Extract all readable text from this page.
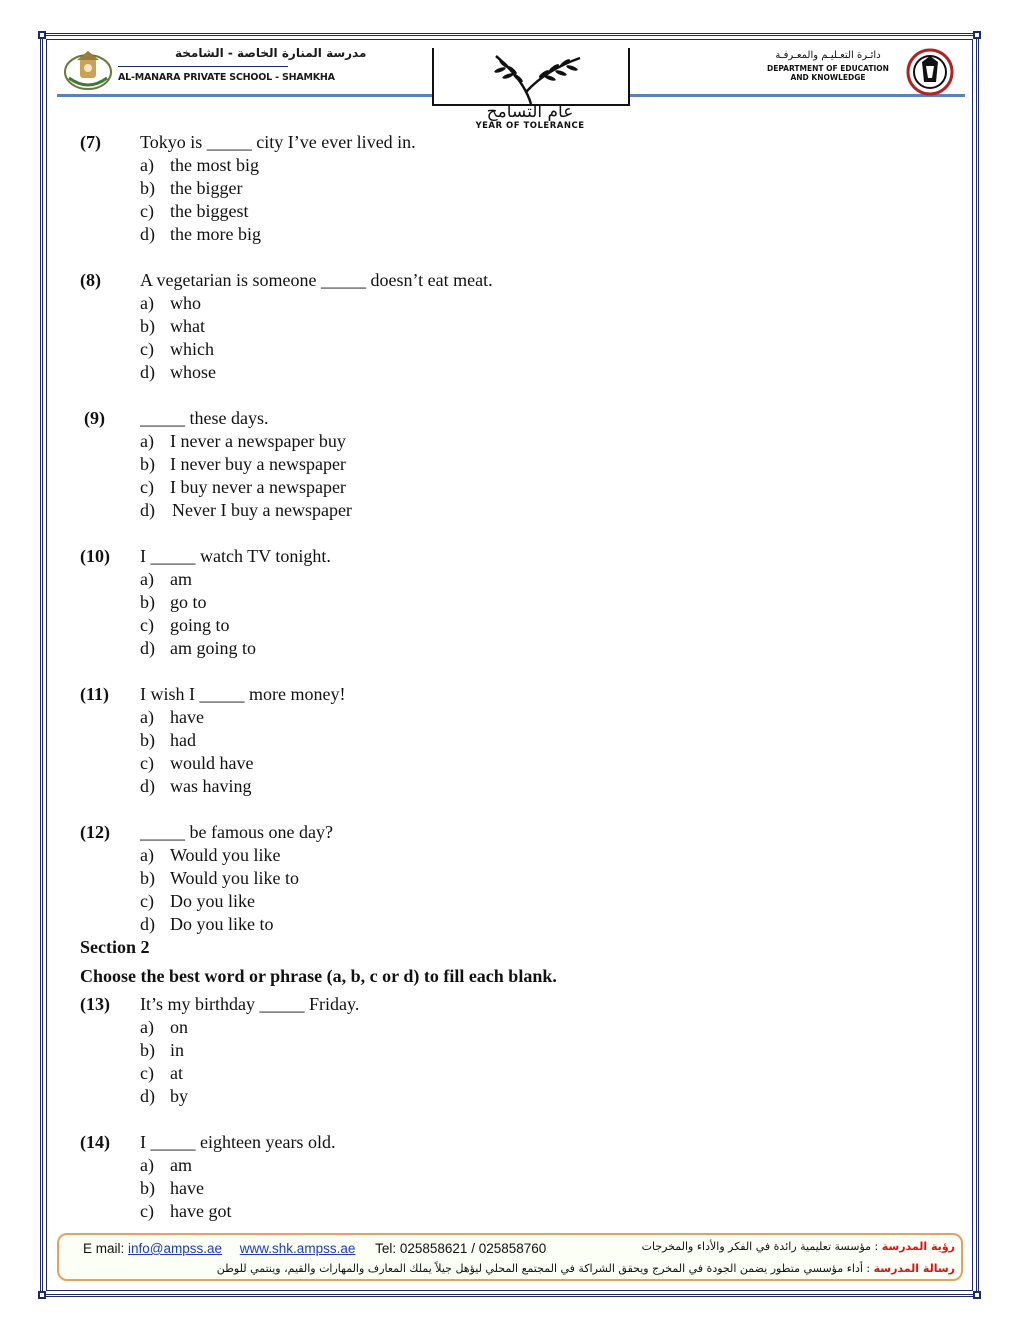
مدرسة المنارة الخاصة - الشامخة
AL-MANARA PRIVATE SCHOOL - SHAMKHA
عام التسامح
YEAR OF TOLERANCE
دائـرة التعـليـم والمعـرفـة
DEPARTMENT OF EDUCATION
AND KNOWLEDGE
(7) Tokyo is _____ city I’ve ever lived in.
a) the most big
b) the bigger
c) the biggest
d) the more big
(8) A vegetarian is someone _____ doesn’t eat meat.
a) who
b) what
c) which
d) whose
(9) _____ these days.
a) I never a newspaper buy
b) I never buy a newspaper
c) I buy never a newspaper
d) Never I buy a newspaper
(10) I _____ watch TV tonight.
a) am
b) go to
c) going to
d) am going to
(11) I wish I _____ more money!
a) have
b) had
c) would have
d) was having
(12) _____ be famous one day?
a) Would you like
b) Would you like to
c) Do you like
d) Do you like to
Section 2
Choose the best word or phrase (a, b, c or d) to fill each blank.
(13) It’s my birthday _____ Friday.
a) on
b) in
c) at
d) by
(14) I _____ eighteen years old.
a) am
b) have
c) have got
E mail: info@ampss.ae www.shk.ampss.ae Tel: 025858621 / 025858760	رؤية المدرسة : مؤسسة تعليمية رائدة في الفكر والأداء والمخرجات
رسالة المدرسة : أداء مؤسسي متطور يضمن الجودة في المخرج ويحقق الشراكة في المجتمع المحلي ليؤهل جيلاً يملك المعارف والمهارات والقيم، وينتمي للوطن
